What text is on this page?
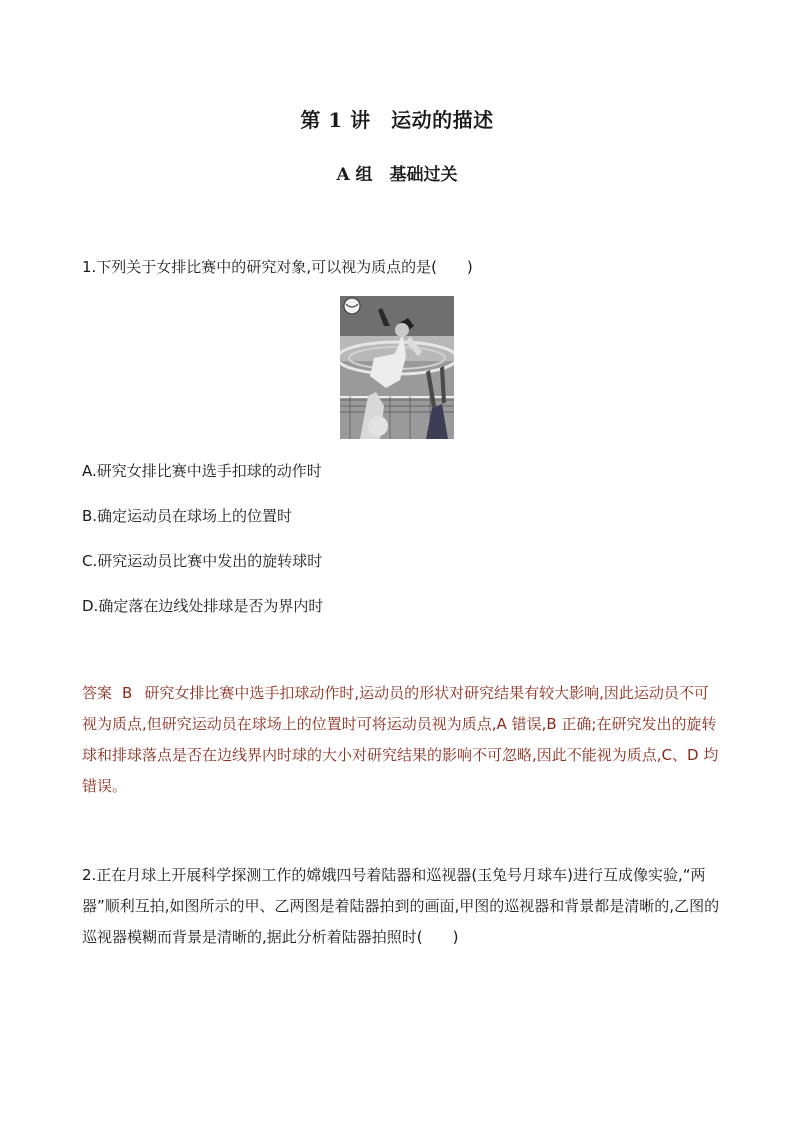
第 1 讲　运动的描述
A 组　基础过关
1.下列关于女排比赛中的研究对象,可以视为质点的是(　　)
A.研究女排比赛中选手扣球的动作时
B.确定运动员在球场上的位置时
C.研究运动员比赛中发出的旋转球时
D.确定落在边线处排球是否为界内时
答案 B 研究女排比赛中选手扣球动作时,运动员的形状对研究结果有较大影响,因此运动员不可视为质点,但研究运动员在球场上的位置时可将运动员视为质点,A 错误,B 正确;在研究发出的旋转球和排球落点是否在边线界内时球的大小对研究结果的影响不可忽略,因此不能视为质点,C、D 均错误。
2.正在月球上开展科学探测工作的嫦娥四号着陆器和巡视器(玉兔号月球车)进行互成像实验,“两器”顺利互拍,如图所示的甲、乙两图是着陆器拍到的画面,甲图的巡视器和背景都是清晰的,乙图的巡视器模糊而背景是清晰的,据此分析着陆器拍照时(　　)
